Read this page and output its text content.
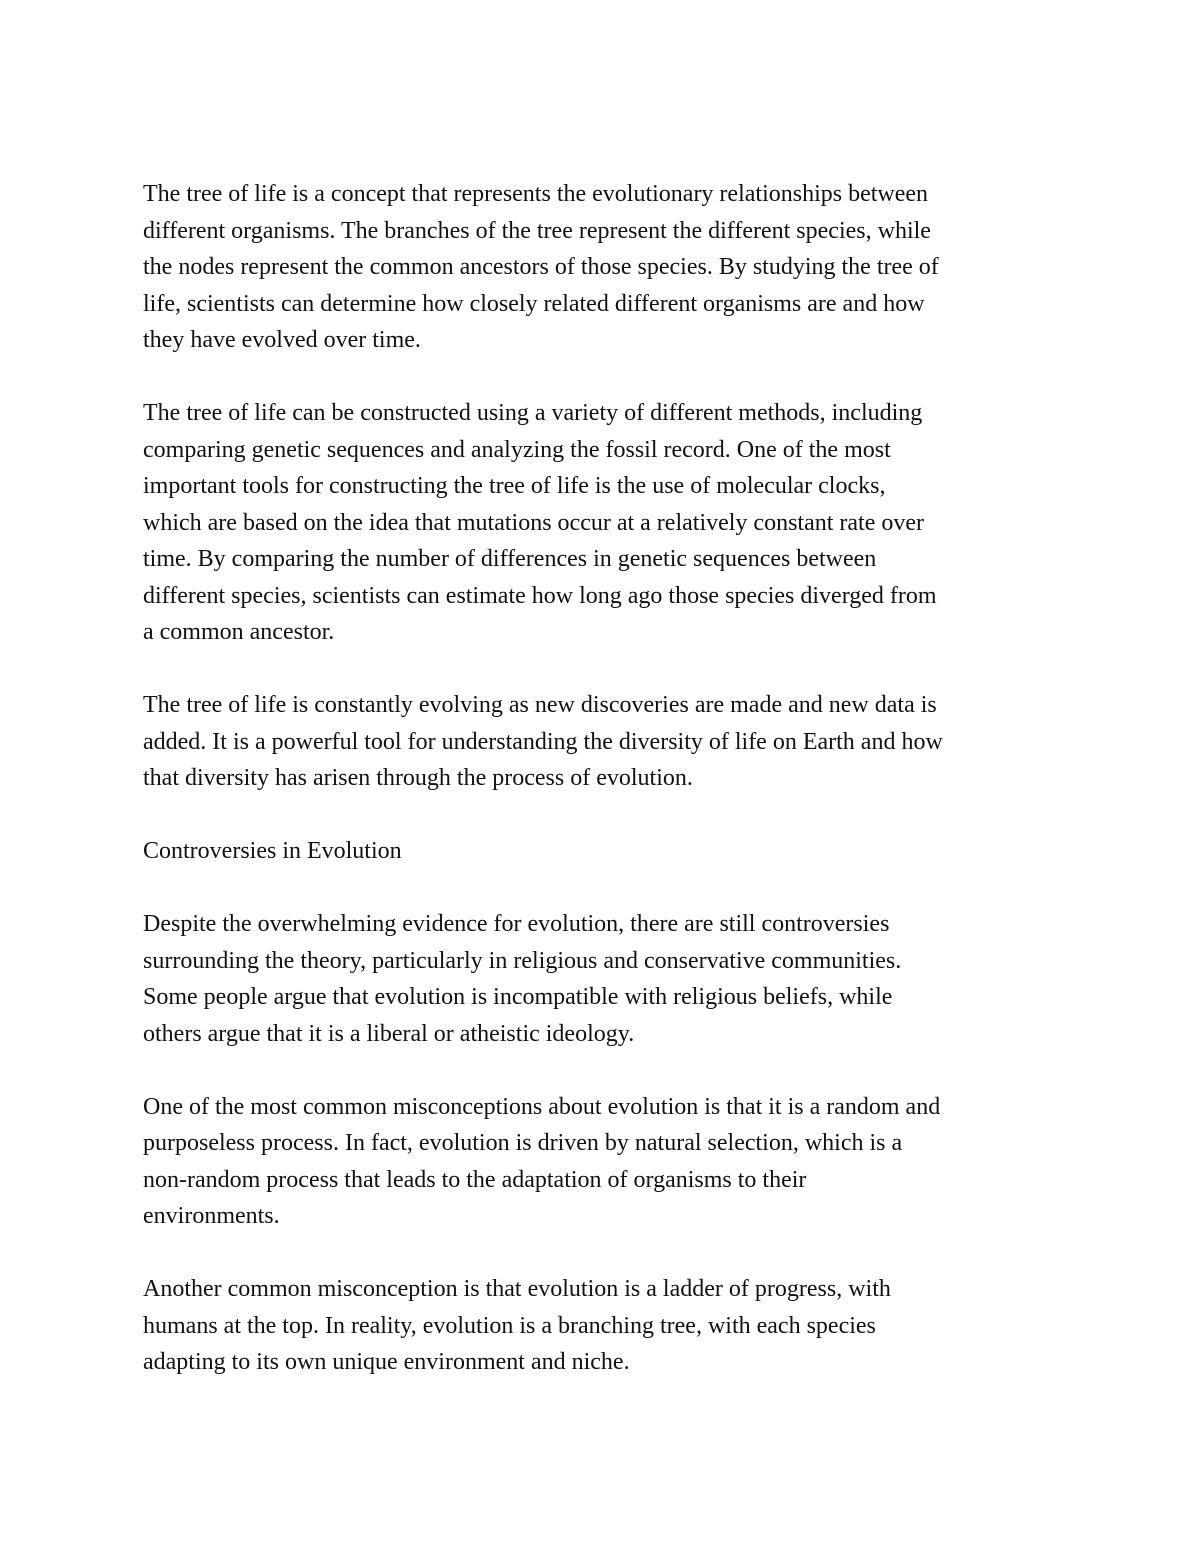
The tree of life is a concept that represents the evolutionary relationships between
different organisms. The branches of the tree represent the different species, while
the nodes represent the common ancestors of those species. By studying the tree of
life, scientists can determine how closely related different organisms are and how
they have evolved over time.

The tree of life can be constructed using a variety of different methods, including
comparing genetic sequences and analyzing the fossil record. One of the most
important tools for constructing the tree of life is the use of molecular clocks,
which are based on the idea that mutations occur at a relatively constant rate over
time. By comparing the number of differences in genetic sequences between
different species, scientists can estimate how long ago those species diverged from
a common ancestor.

The tree of life is constantly evolving as new discoveries are made and new data is
added. It is a powerful tool for understanding the diversity of life on Earth and how
that diversity has arisen through the process of evolution.

Controversies in Evolution

Despite the overwhelming evidence for evolution, there are still controversies
surrounding the theory, particularly in religious and conservative communities.
Some people argue that evolution is incompatible with religious beliefs, while
others argue that it is a liberal or atheistic ideology.

One of the most common misconceptions about evolution is that it is a random and
purposeless process. In fact, evolution is driven by natural selection, which is a
non-random process that leads to the adaptation of organisms to their
environments.

Another common misconception is that evolution is a ladder of progress, with
humans at the top. In reality, evolution is a branching tree, with each species
adapting to its own unique environment and niche.
